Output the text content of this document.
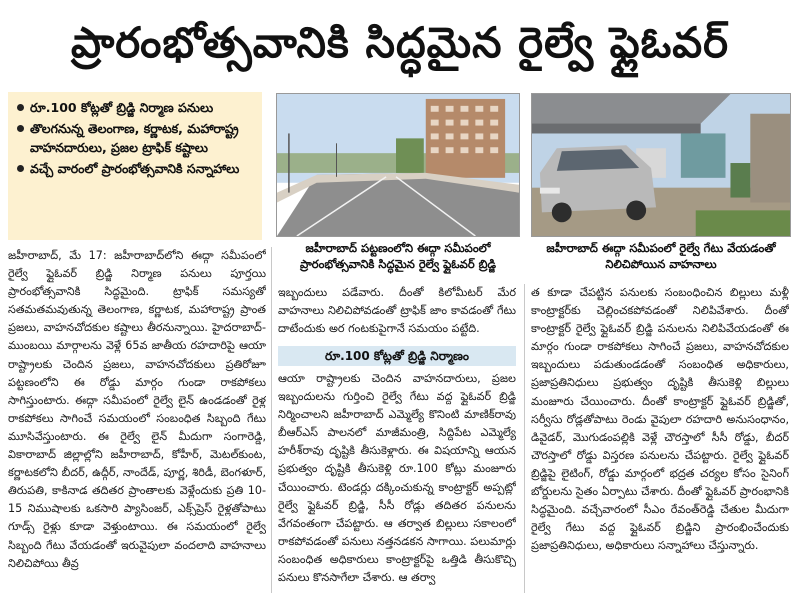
ప్రారంభోత్సవానికి సిద్ధమైన రైల్వే ఫ్లైఓవర్
రూ.100 కోట్లతో బ్రిడ్జి నిర్మాణ పనులు
తొలగనున్న తెలంగాణ, కర్ణాటక, మహారాష్ట్ర వాహనదారులు, ప్రజల ట్రాఫిక్ కష్టాలు
వచ్చే వారంలో ప్రారంభోత్సవానికి సన్నాహాలు
జహీరాబాద్ పట్టణంలోని ఈద్గా సమీపంలో ప్రారంభోత్సవానికి సిద్ధమైన రైల్వే ఫ్లైఓవర్ బ్రిడ్జి
జహీరాబాద్ ఈద్గా సమీపంలో రైల్వే గేటు వేయడంతో నిలిచిపోయిన వాహనాలు
జహీరాబాద్, మే 17: జహీరాబాద్‌లోని ఈద్గా సమీపంలో రైల్వే ఫ్లైఓవర్ బ్రిడ్జి నిర్మాణ పనులు పూర్తయి ప్రారంభోత్సవానికి సిద్ధమైంది. ట్రాఫిక్ సమస్యతో సతమతమవుతున్న తెలంగాణ, కర్ణాటక, మహారాష్ట్ర ప్రాంత ప్రజలు, వాహనచోదకుల కష్టాలు తీరనున్నాయి. హైదరాబాద్-ముంబయి మార్గాలను వెళ్లే 65వ జాతీయ రహదారిపై ఆయా రాష్ట్రాలకు చెందిన ప్రజలు, వాహనచోదకులు ప్రతిరోజూ పట్టణంలోని ఈ రోడ్డు మార్గం గుండా రాకపోకలు సాగిస్తుంటారు. ఈద్గా సమీపంలో రైల్వే లైన్ ఉండడంతో రైళ్ల రాకపోకలు సాగించే సమయంలో సంబంధిత సిబ్బంది గేటు మూసివేస్తుంటారు. ఈ రైల్వే లైన్ మీదుగా సంగారెడ్డి, వికారాబాద్ జిల్లాల్లోని జహీరాబాద్, కోహీర్, మెటల్‌కుంట, కర్ణాటకలోని బీదర్, ఉద్గీర్, నాందేడ్, పూర్ణ, శిరిడీ, బెంగళూర్, తిరుపతి, కాకినాడ తదితర ప్రాంతాలకు వెళ్లేందుకు ప్రతి 10-15 నిముషాలకు ఒకసారి ప్యాసింజర్, ఎక్స్‌ప్రెస్ రైళ్లతోపాటు గూడ్స్ రైళ్లు కూడా వెళ్తుంటాయి. ఈ సమయంలో రైల్వే సిబ్బంది గేటు వేయడంతో ఇరువైపులా వందలాది వాహనాలు నిలిచిపోయి తీవ్ర
ఇబ్బందులు పడేవారు. దీంతో కిలోమీటర్ మేర వాహనాలు నిలిచిపోవడంతో ట్రాఫిక్ జాం కావడంతో గేటు దాటేందుకు అర గంటకుపైగానే సమయం పట్టేది.
రూ.100 కోట్లతో బ్రిడ్జి నిర్మాణం
ఆయా రాష్ట్రాలకు చెందిన వాహనదారులు, ప్రజల ఇబ్బందులను గుర్తించి రైల్వే గేటు వద్ద ఫ్లైఓవర్ బ్రిడ్జి నిర్మించాలని జహీరాబాద్ ఎమ్మెల్యే కొనింటి మాణిక్‌రావు బీఆర్ఎస్ పాలనలో మాజీమంత్రి, సిద్దిపేట ఎమ్మెల్యే హరీశ్‌రావు దృష్టికి తీసుకెళ్లారు. ఈ విషయాన్ని ఆయన ప్రభుత్వం దృష్టికి తీసుకెళ్లి రూ.100 కోట్లు మంజూరు చేయించారు. టెండర్లు దక్కించుకున్న కాంట్రాక్టర్ అప్పట్లో రైల్వే ఫ్లైఓవర్ బ్రిడ్జి, సీసీ రోడ్లు తదితర పనులను వేగవంతంగా చేపట్టారు. ఆ తర్వాత బిల్లులు సకాలంలో రాకపోవడంతో పనులు నత్తనడకన సాగాయి. పలుమార్లు సంబంధిత అధికారులు కాంట్రాక్టర్‌పై ఒత్తిడి తీసుకొచ్చి పనులు కొనసాగేలా చేశారు. ఆ తర్వా
త కూడా చేపట్టిన పనులకు సంబంధించిన బిల్లులు మళ్లీ కాంట్రాక్టర్‌కు చెల్లించకపోవడంతో నిలిపివేశారు. దీంతో కాంట్రాక్టర్ రైల్వే ఫ్లైఓవర్ బ్రిడ్జి పనులను నిలిపివేయడంతో ఈ మార్గం గుండా రాకపోకలు సాగించే ప్రజలు, వాహనచోదకుల ఇబ్బందులు పడుతుండడంతో సంబంధిత అధికారులు, ప్రజాప్రతినిధులు ప్రభుత్వం దృష్టికి తీసుకెళ్లి బిల్లులు మంజూరు చేయించారు. దీంతో కాంట్రాక్టర్ ఫ్లైఓవర్ బ్రిడ్జితో, సర్వీసు రోడ్లతోపాటు రెండు వైపులా రహదారి అనుసంధానం, డివైడర్, మొగుడంపల్లికి వెళ్లే చౌరస్తాలో సీసీ రోడ్డు, బీదర్ చౌరస్తాలో రోడ్డు విస్తరణ పనులను చేపట్టారు. రైల్వే ఫ్లైఓవర్ బ్రిడ్జిపై లైటింగ్, రోడ్డు మార్గంలో భద్రత చర్యల కోసం సైనింగ్ బోర్డులను సైతం ఏర్పాటు చేశారు. దీంతో ఫ్లైఓవర్ ప్రారంభానికి సిద్ధమైంది. వచ్చేవారంలో సీఎం రేవంత్‌రెడ్డి చేతుల మీదుగా రైల్వే గేటు వద్ద ఫ్లైఓవర్ బ్రిడ్జిని ప్రారంభించేందుకు ప్రజాప్రతినిధులు, అధికారులు సన్నాహాలు చేస్తున్నారు.
